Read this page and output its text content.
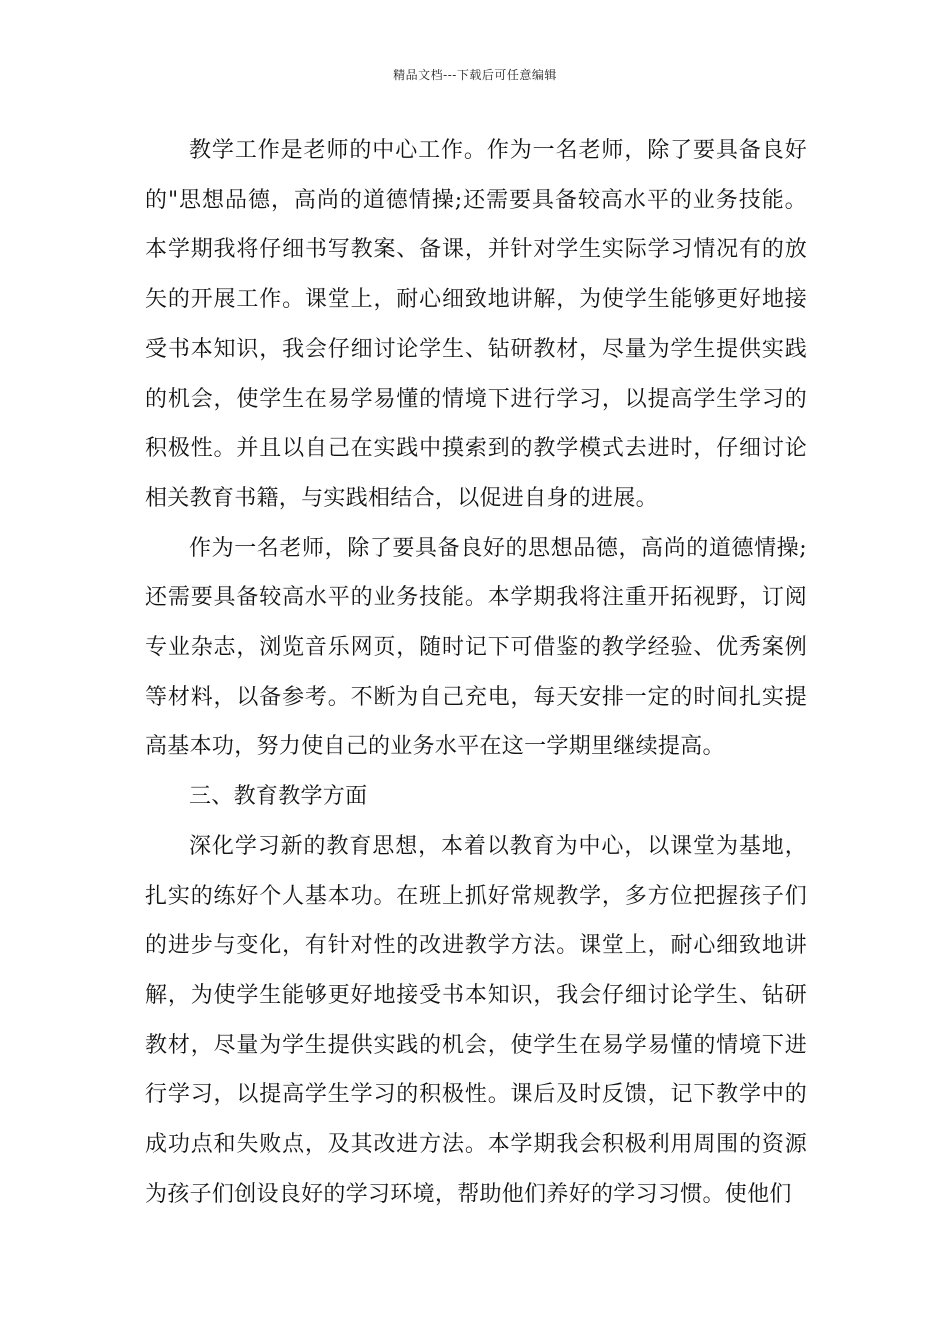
精品文档---下载后可任意编辑

教学工作是老师的中心工作。作为一名老师，除了要具备良好的"思想品德，高尚的道德情操;还需要具备较高水平的业务技能。本学期我将仔细书写教案、备课，并针对学生实际学习情况有的放矢的开展工作。课堂上，耐心细致地讲解，为使学生能够更好地接受书本知识，我会仔细讨论学生、钻研教材，尽量为学生提供实践的机会，使学生在易学易懂的情境下进行学习，以提高学生学习的积极性。并且以自己在实践中摸索到的教学模式去进时，仔细讨论相关教育书籍，与实践相结合，以促进自身的进展。

作为一名老师，除了要具备良好的思想品德，高尚的道德情操;还需要具备较高水平的业务技能。本学期我将注重开拓视野，订阅专业杂志，浏览音乐网页，随时记下可借鉴的教学经验、优秀案例等材料，以备参考。不断为自己充电，每天安排一定的时间扎实提高基本功，努力使自己的业务水平在这一学期里继续提高。

三、教育教学方面

深化学习新的教育思想，本着以教育为中心，以课堂为基地，扎实的练好个人基本功。在班上抓好常规教学，多方位把握孩子们的进步与变化，有针对性的改进教学方法。课堂上，耐心细致地讲解，为使学生能够更好地接受书本知识，我会仔细讨论学生、钻研教材，尽量为学生提供实践的机会，使学生在易学易懂的情境下进行学习，以提高学生学习的积极性。课后及时反馈，记下教学中的成功点和失败点，及其改进方法。本学期我会积极利用周围的资源为孩子们创设良好的学习环境，帮助他们养好的学习习惯。使他们
